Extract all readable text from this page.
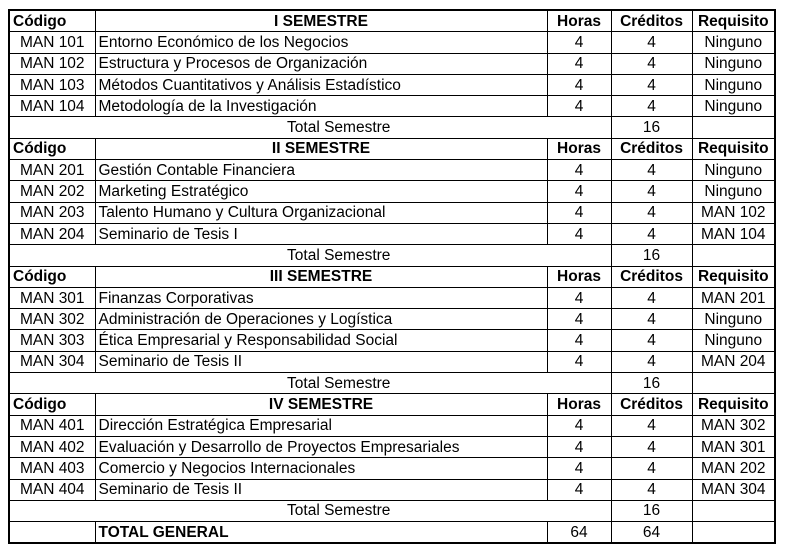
Código	I SEMESTRE	Horas	Créditos	Requisito
MAN 101	Entorno Económico de los Negocios	4	4	Ninguno
MAN 102	Estructura y Procesos de Organización	4	4	Ninguno
MAN 103	Métodos Cuantitativos y Análisis Estadístico	4	4	Ninguno
MAN 104	Metodología de la Investigación	4	4	Ninguno
Total Semestre			16	
Código	II SEMESTRE	Horas	Créditos	Requisito
MAN 201	Gestión Contable Financiera	4	4	Ninguno
MAN 202	Marketing Estratégico	4	4	Ninguno
MAN 203	Talento Humano y Cultura Organizacional	4	4	MAN 102
MAN 204	Seminario de Tesis I	4	4	MAN 104
Total Semestre			16	
Código	III SEMESTRE	Horas	Créditos	Requisito
MAN 301	Finanzas Corporativas	4	4	MAN 201
MAN 302	Administración de Operaciones y Logística	4	4	Ninguno
MAN 303	Ética Empresarial y Responsabilidad Social	4	4	Ninguno
MAN 304	Seminario de Tesis II	4	4	MAN 204
Total Semestre			16	
Código	IV SEMESTRE	Horas	Créditos	Requisito
MAN 401	Dirección Estratégica Empresarial	4	4	MAN 302
MAN 402	Evaluación y Desarrollo de Proyectos Empresariales	4	4	MAN 301
MAN 403	Comercio y Negocios Internacionales	4	4	MAN 202
MAN 404	Seminario de Tesis II	4	4	MAN 304
Total Semestre			16	
	TOTAL GENERAL	64	64	
